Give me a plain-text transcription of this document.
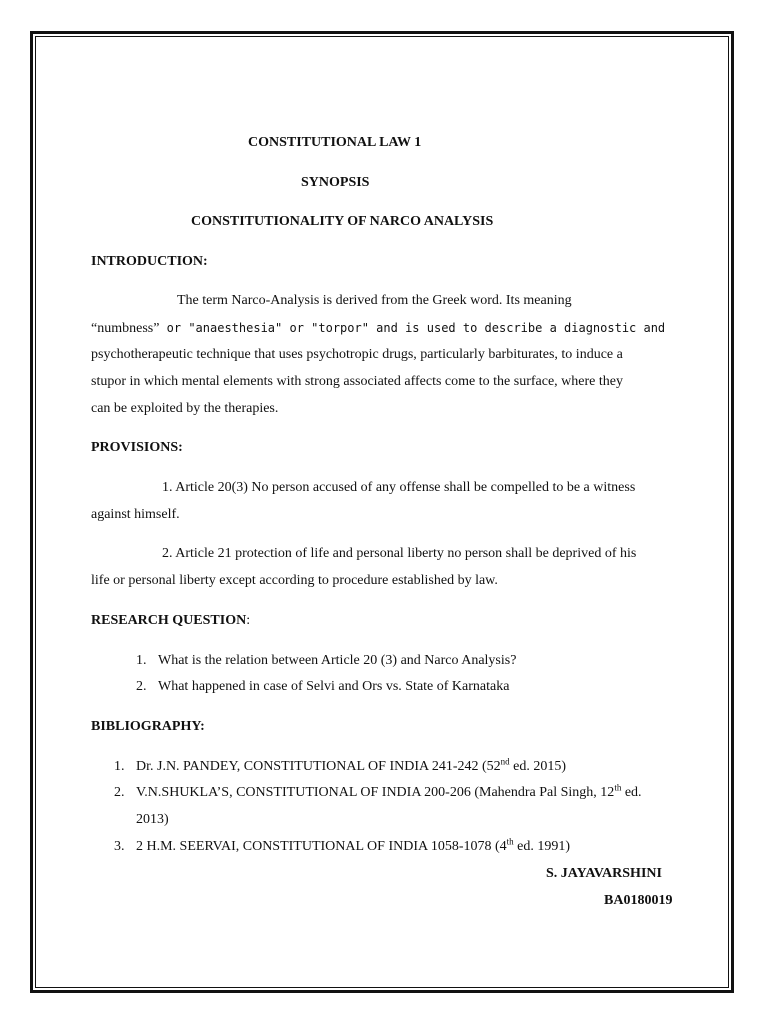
CONSTITUTIONAL LAW 1
SYNOPSIS
CONSTITUTIONALITY OF NARCO ANALYSIS
INTRODUCTION:
The term Narco-Analysis is derived from the Greek word. Its meaning
“numbness” or "anaesthesia" or "torpor" and is used to describe a diagnostic and
psychotherapeutic technique that uses psychotropic drugs, particularly barbiturates, to induce a
stupor in which mental elements with strong associated affects come to the surface, where they
can be exploited by the therapies.
PROVISIONS:
1. Article 20(3) No person accused of any offense shall be compelled to be a witness
against himself.
2. Article 21 protection of life and personal liberty no person shall be deprived of his
life or personal liberty except according to procedure established by law.
RESEARCH QUESTION:
1. What is the relation between Article 20 (3) and Narco Analysis?
2. What happened in case of Selvi and Ors vs. State of Karnataka
BIBLIOGRAPHY:
1. Dr. J.N. PANDEY, CONSTITUTIONAL OF INDIA 241-242 (52nd ed. 2015)
2. V.N.SHUKLA’S, CONSTITUTIONAL OF INDIA 200-206 (Mahendra Pal Singh, 12th ed.
2013)
3. 2 H.M. SEERVAI, CONSTITUTIONAL OF INDIA 1058-1078 (4th ed. 1991)
S. JAYAVARSHINI
BA0180019
